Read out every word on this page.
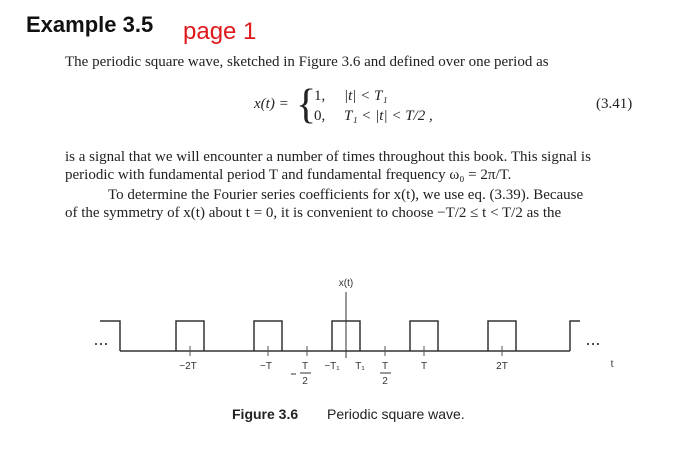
Example 3.5 page 1
The periodic square wave, sketched in Figure 3.6 and defined over one period as
x(t) = {
1, |t| < T₁
0, T₁ < |t| < T/2 ,
(3.41)
is a signal that we will encounter a number of times throughout this book. This signal is
periodic with fundamental period T and fundamental frequency ω₀ = 2π/T.
To determine the Fourier series coefficients for x(t), we use eq. (3.39). Because
of the symmetry of x(t) about t = 0, it is convenient to choose −T/2 ≤ t < T/2 as the
x(t)
t
...	...
−2T	−T	T
2
−T₁ T₁ T
2
T	2T
Figure 3.6 Periodic square wave.
